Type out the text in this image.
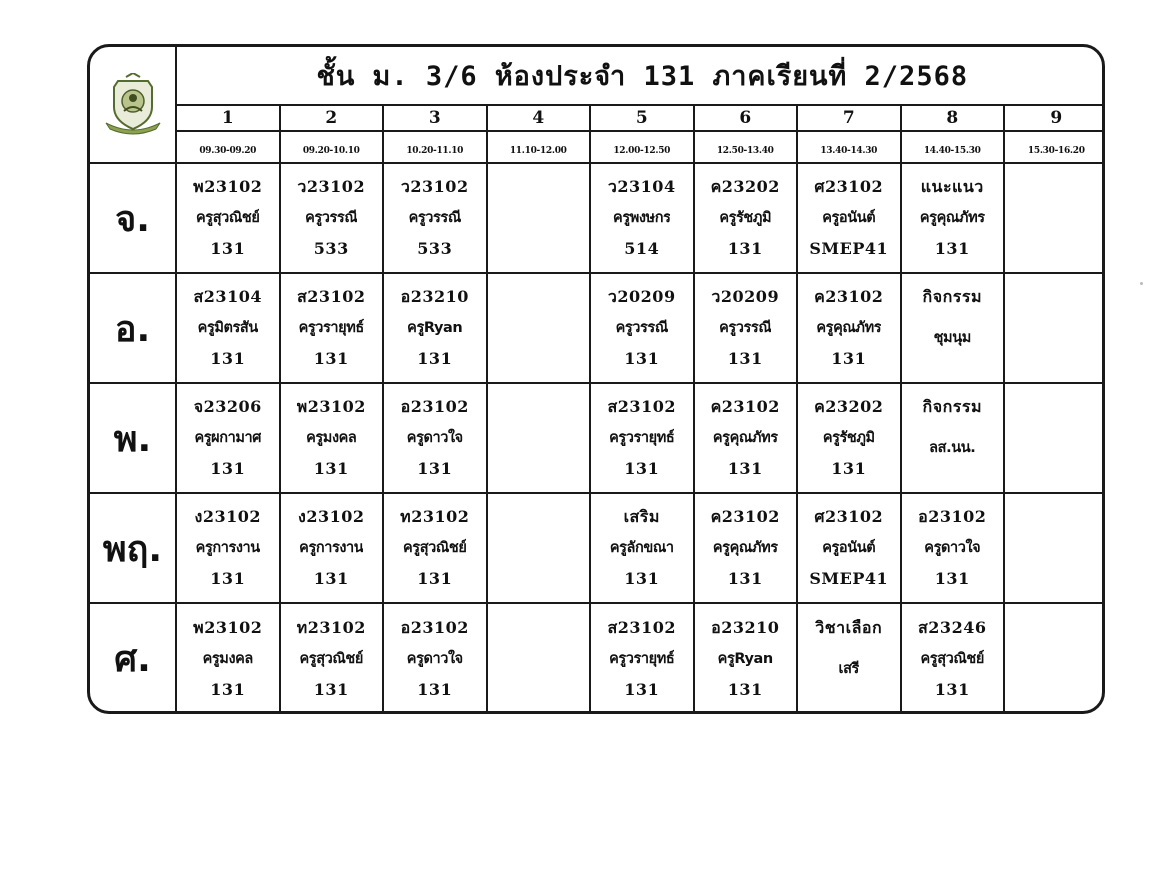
	ชั้น ม. 3/6 ห้องประจำ 131 ภาคเรียนที่ 2/2568								
	1	2	3	4	5	6	7	8	9
	09.30-09.20	09.20-10.10	10.20-11.10	11.10-12.00	12.00-12.50	12.50-13.40	13.40-14.30	14.40-15.30	15.30-16.20
จ.	พ23102
ครูสุวณิชย์
131	ว23102
ครูวรรณี
533	ว23102
ครูวรรณี
533		ว23104
ครูพงษกร
514	ค23202
ครูรัชภูมิ
131	ศ23102
ครูอนันต์
SMEP41	แนะแนว
ครูคุณภัทร
131	

อ.	ส23104
ครูมิตรสัน
131	ส23102
ครูวรายุทธ์
131	อ23210
ครูRyan
131		ว20209
ครูวรรณี
131	ว20209
ครูวรรณี
131	ค23102
ครูคุณภัทร
131	กิจกรรม
ชุมนุม	

พ.	จ23206
ครูผกามาศ
131	พ23102
ครูมงคล
131	อ23102
ครูดาวใจ
131		ส23102
ครูวรายุทธ์
131	ค23102
ครูคุณภัทร
131	ค23202
ครูรัชภูมิ
131	กิจกรรม
ลส.นน.	

พฤ.	ง23102
ครูการงาน
131	ง23102
ครูการงาน
131	ท23102
ครูสุวณิชย์
131		เสริม
ครูลักขณา
131	ค23102
ครูคุณภัทร
131	ศ23102
ครูอนันต์
SMEP41	อ23102
ครูดาวใจ
131	

ศ.	พ23102
ครูมงคล
131	ท23102
ครูสุวณิชย์
131	อ23102
ครูดาวใจ
131		ส23102
ครูวรายุทธ์
131	อ23210
ครูRyan
131	วิชาเลือก
เสรี	ส23246
ครูสุวณิชย์
131	
